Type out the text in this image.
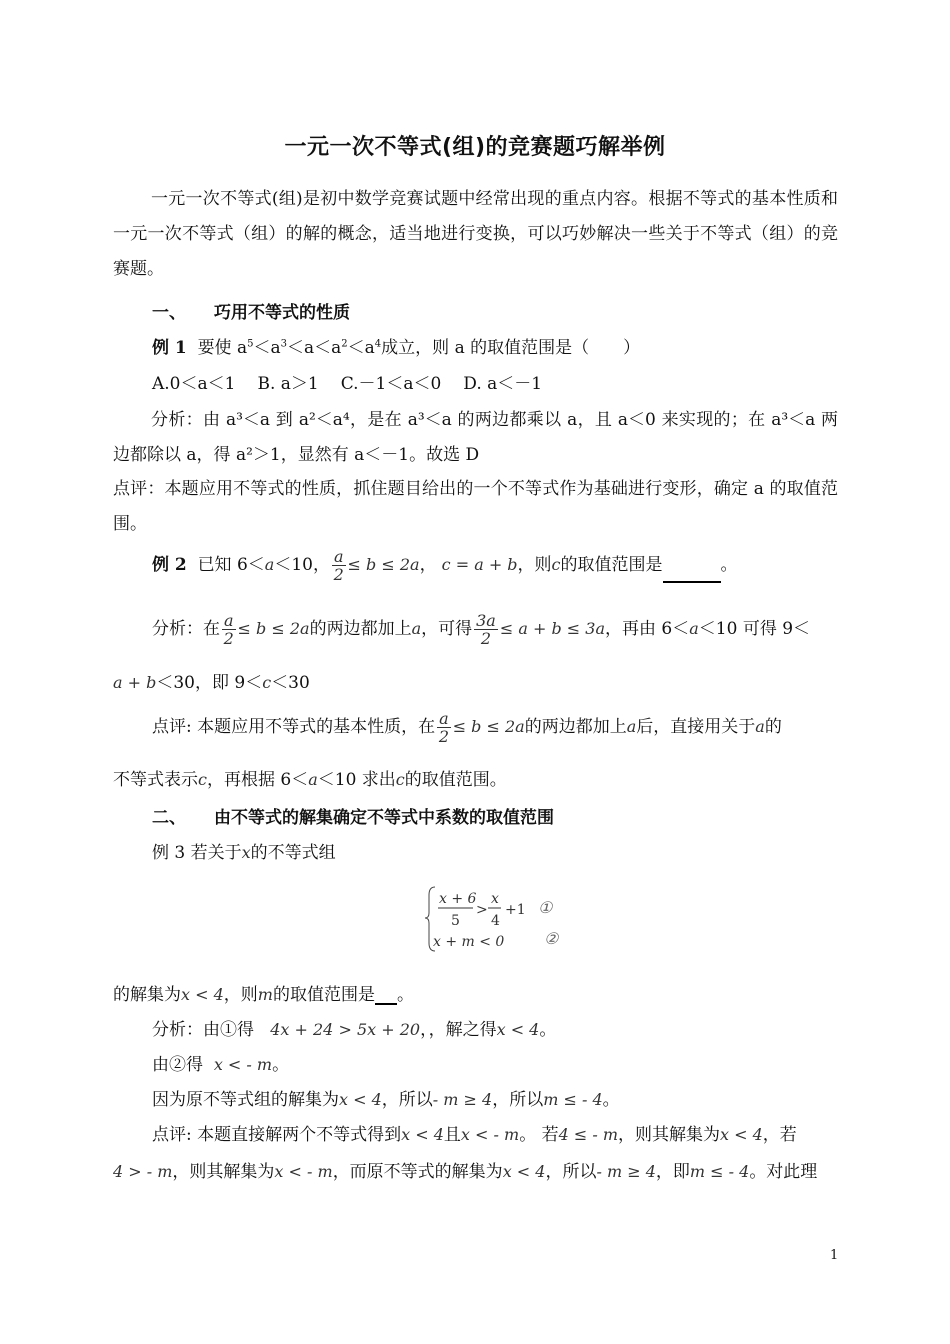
一元一次不等式(组)的竞赛题巧解举例
一元一次不等式(组)是初中数学竞赛试题中经常出现的重点内容。根据不等式的基本性质和一元一次不等式（组）的解的概念，适当地进行变换，可以巧妙解决一些关于不等式（组）的竞赛题。
一、 巧用不等式的性质
例 1 要使 $a^5<a^3<a<a^2<a^4$成立，则 a 的取值范围是（　　）
A.0＜a＜1 B. a＞1 C.－1＜a＜0 D. a＜－1
分析：由 a³＜a 到 a²＜a⁴，是在 a³＜a 的两边都乘以 a，且 a＜0 来实现的；在 a³＜a 两边都除以 a，得 a²＞1，显然有 a＜－1。故选 D
点评：本题应用不等式的性质，抓住题目给出的一个不等式作为基础进行变形，确定 a 的取值范围。
例 2 已知 6＜a＜10， $\frac{a}{2} \le b \le 2a$， c = a + b，则c的取值范围是	。
分析：在 $\frac{a}{2} \le b \le 2a$的两边都加上a，可得 $\frac{3a}{2} \le a + b \le 3a$，再由 6＜a＜10 可得 9＜
a + b＜30，即 9＜c＜30
点评: 本题应用不等式的基本性质，在 $\frac{a}{2} \le b \le 2a$的两边都加上a后，直接用关于a的
不等式表示c，再根据 6＜a＜10 求出c的取值范围。
二、 由不等式的解集确定不等式中系数的取值范围
例 3 若关于x的不等式组
x + 6
5
>
x
4
+1
x + m < 0
①
②
的解集为x < 4，则m的取值范围是 。
分析：由①得 4x + 24 > 5x + 20，，解之得x < 4。
由②得 x < - m。
因为原不等式组的解集为x < 4，所以- m ≥ 4，所以m ≤ - 4。
点评: 本题直接解两个不等式得到x < 4且x < - m。 若4 ≤ - m，则其解集为x < 4，若
4 > - m，则其解集为x < - m，而原不等式的解集为x < 4，所以- m ≥ 4，即m ≤ - 4。对此理
1
